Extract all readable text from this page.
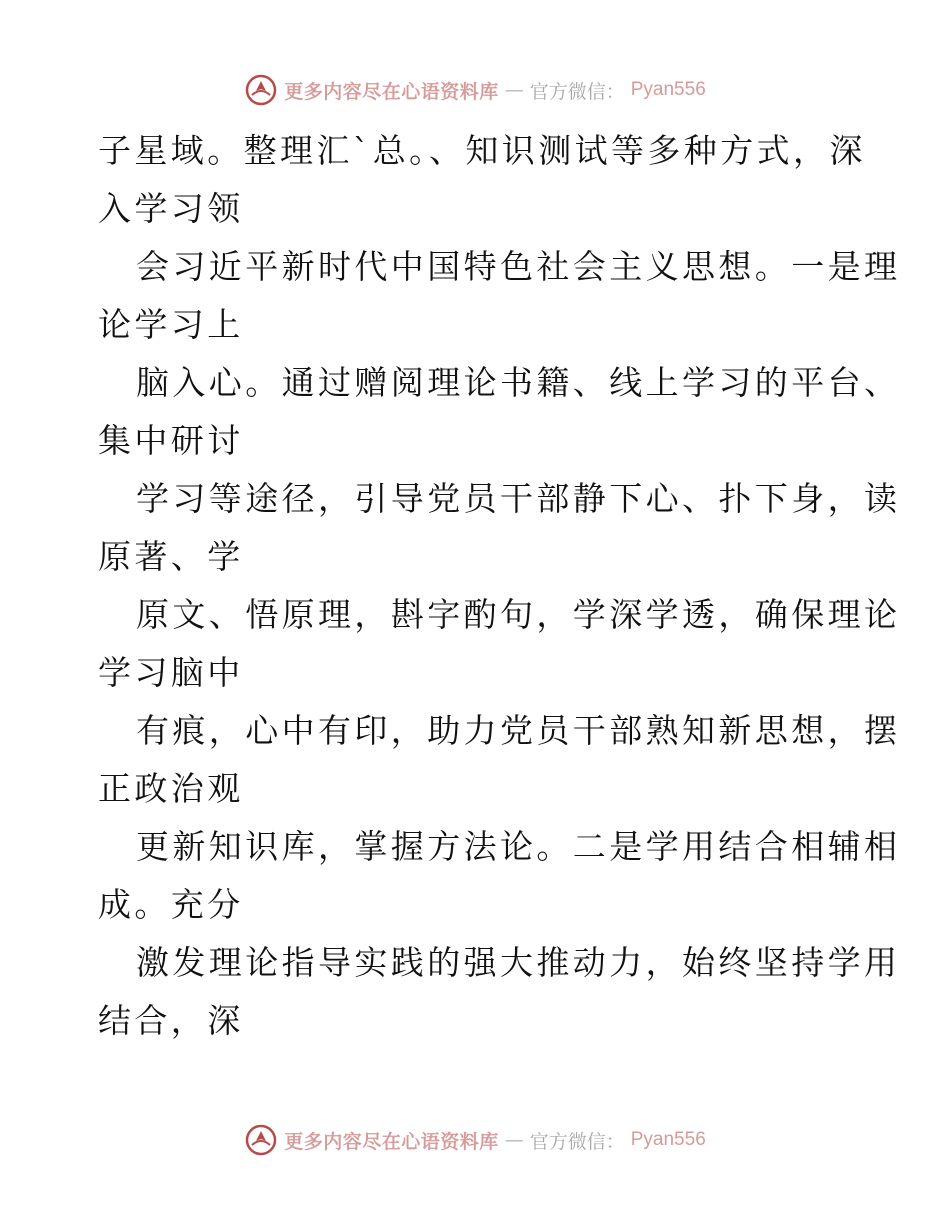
更多内容尽在心语资料库 — 官方微信： Pyan556
子星域。整理汇`总。、知识测试等多种方式，深
入学习领
会习近平新时代中国特色社会主义思想。一是理
论学习上
脑入心。通过赠阅理论书籍、线上学习的平台、
集中研讨
学习等途径，引导党员干部静下心、扑下身，读
原著、学
原文、悟原理，斟字酌句，学深学透，确保理论
学习脑中
有痕，心中有印，助力党员干部熟知新思想，摆
正政治观
更新知识库，掌握方法论。二是学用结合相辅相
成。充分
激发理论指导实践的强大推动力，始终坚持学用
结合，深
更多内容尽在心语资料库 — 官方微信： Pyan556
